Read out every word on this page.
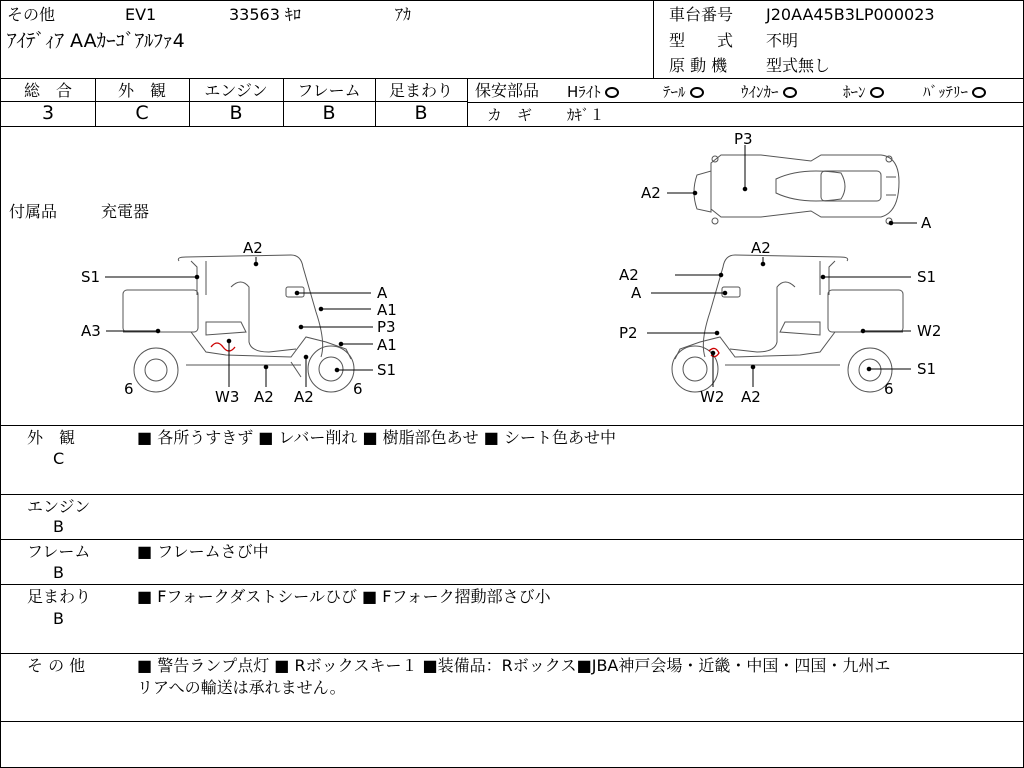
その他	EV1	33563 ｷﾛ	ｱｶ
ｱｲﾃﾞｨｱ AAｶｰｺﾞｱﾙﾌｧ4
車台番号 J20AA45B3LP000023
型　　式 不明
原 動 機 型式無し
総　合	外　観	エンジン	フレーム	足まわり
3	C	B	B	B
保安部品 Hﾗｲﾄ	ﾃｰﾙ	ｳｲﾝｶｰ	ﾎｰﾝ	ﾊﾞｯﾃﾘｰ
カ　ギ ｶｷﾞ１
付属品	充電器
A2
S1
A
A1
A3	P3
A1
S1
6	W3 A2 A2	6
P3
A2
A
A2
A2	S1
A
P2	W2
S1
W2 A2	6
外　観
C
■ 各所うすきず ■ レバー削れ ■ 樹脂部色あせ ■ シート色あせ中
エンジン
B
フレーム
B
■ フレームさび中
足まわり
B
■ Fフォークダストシールひび ■ Fフォーク摺動部さび小
そ の 他	■ 警告ランプ点灯 ■ Rボックスキー１ ■装備品：Rボックス■JBA神戸会場・近畿・中国・四国・九州エ
リアへの輸送は承れません。
